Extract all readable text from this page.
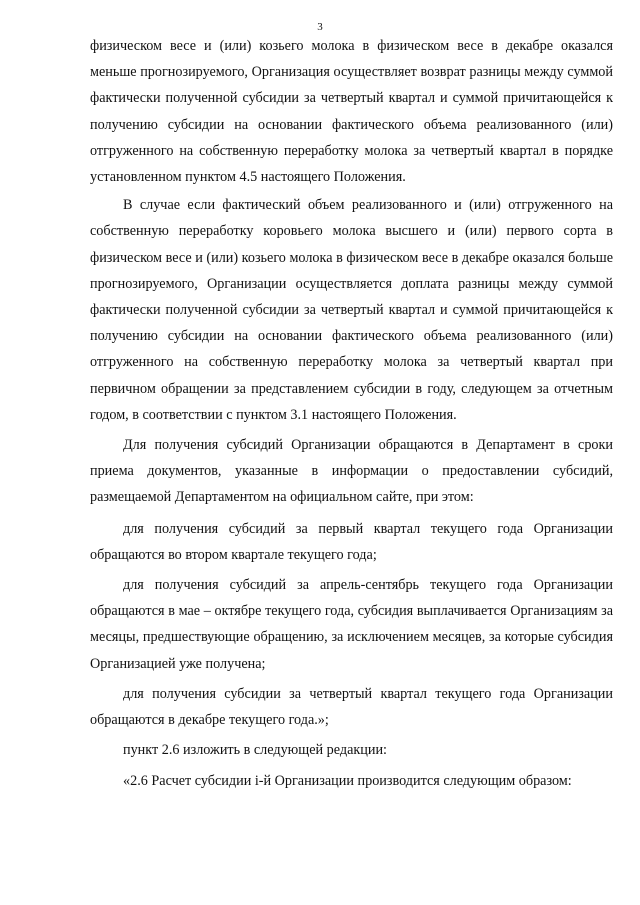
3

физическом весе и (или) козьего молока в физическом весе в декабре оказался меньше прогнозируемого, Организация осуществляет возврат разницы между суммой фактически полученной субсидии за четвертый квартал и суммой причитающейся к получению субсидии на основании фактического объема реализованного (или) отгруженного на собственную переработку молока за четвертый квартал в порядке установленном пунктом 4.5 настоящего Положения.

В случае если фактический объем реализованного и (или) отгруженного на собственную переработку коровьего молока высшего и (или) первого сорта в физическом весе и (или) козьего молока в физическом весе в декабре оказался больше прогнозируемого, Организации осуществляется доплата разницы между суммой фактически полученной субсидии за четвертый квартал и суммой причитающейся к получению субсидии на основании фактического объема реализованного (или) отгруженного на собственную переработку молока за четвертый квартал при первичном обращении за представлением субсидии в году, следующем за отчетным годом, в соответствии с пунктом 3.1 настоящего Положения.

Для получения субсидий Организации обращаются в Департамент в сроки приема документов, указанные в информации о предоставлении субсидий, размещаемой Департаментом на официальном сайте, при этом:

для получения субсидий за первый квартал текущего года Организации обращаются во втором квартале текущего года;

для получения субсидий за апрель-сентябрь текущего года Организации обращаются в мае – октябре текущего года, субсидия выплачивается Организациям за месяцы, предшествующие обращению, за исключением месяцев, за которые субсидия Организацией уже получена;

для получения субсидии за четвертый квартал текущего года Организации обращаются в декабре текущего года.»;

пункт 2.6 изложить в следующей редакции:

«2.6 Расчет субсидии i-й Организации производится следующим образом:
